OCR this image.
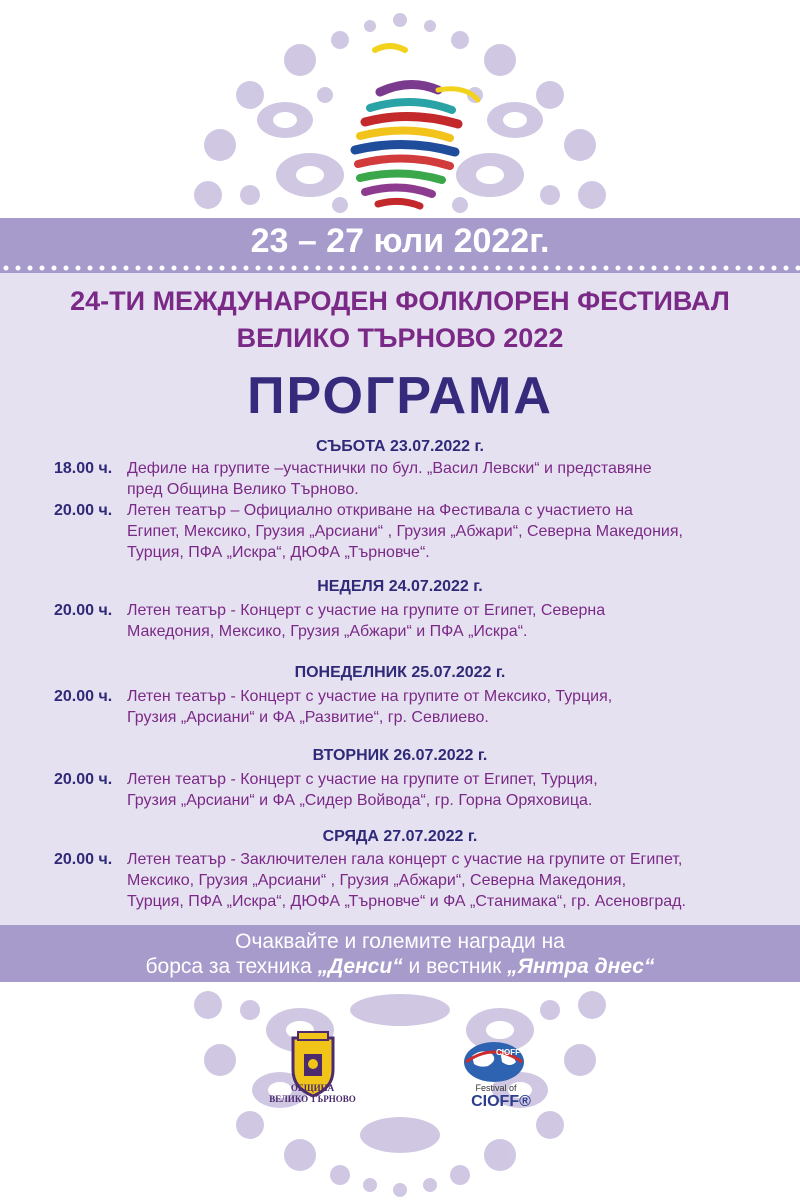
23 – 27 юли 2022г.
24-ТИ МЕЖДУНАРОДЕН ФОЛКЛОРЕН ФЕСТИВАЛ
ВЕЛИКО ТЪРНОВО 2022
ПРОГРАМА
СЪБОТА 23.07.2022 г.
18.00 ч. Дефиле на групите –участнички по бул. „Васил Левски“ и представяне
пред Община Велико Търново.
20.00 ч. Летен театър – Официално откриване на Фестивала с участието на
Египет, Мексико, Грузия „Арсиани“ , Грузия „Абжари“, Северна Македония,
Турция, ПФА „Искра“, ДЮФА „Търновче“.
НЕДЕЛЯ 24.07.2022 г.
20.00 ч. Летен театър - Концерт с участие на групите от Египет, Северна
Македония, Мексико, Грузия „Абжари“ и ПФА „Искра“.
ПОНЕДЕЛНИК 25.07.2022 г.
20.00 ч. Летен театър - Концерт с участие на групите от Мексико, Турция,
Грузия „Арсиани“ и ФА „Развитие“, гр. Севлиево.
ВТОРНИК 26.07.2022 г.
20.00 ч. Летен театър - Концерт с участие на групите от Египет, Турция,
Грузия „Арсиани“ и ФА „Сидер Войвода“, гр. Горна Оряховица.
СРЯДА 27.07.2022 г.
20.00 ч. Летен театър - Заключителен гала концерт с участие на групите от Египет,
Мексико, Грузия „Арсиани“ , Грузия „Абжари“, Северна Македония,
Турция, ПФА „Искра“, ДЮФА „Търновче“ и ФА „Станимака“, гр. Асеновград.
Очаквайте и големите награди на
борса за техника „Денси“ и вестник „Янтра днес“
ОБЩИНА
ВЕЛИКО ТЪРНОВО
CIOFF
Festival of
CIOFF®
